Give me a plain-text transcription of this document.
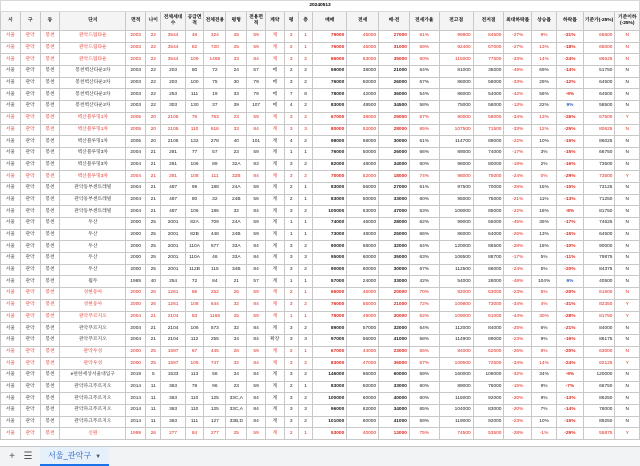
20240513																								
시	구	동	단지	면적	나이	전체세대수	공급면적	전체전용	평형	전용면적	계약	평	층	매매	전세	매-전	전세가율	전고점	전저점	최대하락률	상승률	하락률	기준가(-25%)	기준이하(-25%)
서울	관악	봉천	관악드림타운	2003	22	3544	48	324	25	59	계	2	1	79000	45000	27000	61%	99800	64500	-27%	9%	-31%	66600	N
서울	관악	봉천	관악드림타운	2003	22	3544	82	720	25	59	계	2	1	76000	45000	31000	59%	92400	67000	-27%	13%	-18%	65000	N
서울	관악	봉천	관악드림타운	2003	22	3544	109	1468	33	84	계	3	2	86000	53000	35000	60%	115000	77500	-33%	14%	-24%	86625	N
서울	관악	봉천	봉천벽산타운2차	2003	22	203	80	72	24	57	매	2	2	59000	38000	21000	64%	81000	35000	-49%	69%	-14%	51750	N
서울	관악	봉천	봉천벽산타운2차	2003	22	203	100	75	30	79	매	3	2	76000	50000	26000	67%	86000	58000	-33%	29%	-12%	64500	N
서울	관악	봉천	봉천벽산타운2차	2003	22	253	111	19	33	79	매	7	8	78000	42000	36000	54%	86000	54000	-42%	56%	-9%	64500	N
서울	관악	봉천	봉천벽산타운2차	2003	22	303	130	37	39	107	매	4	2	83000	48500	34500	58%	75000	58000	-13%	22%	9%	58500	N
서울	관악	봉천	벽산블루밍1차	2005	20	2105	76	763	23	59	계	3	2	67000	38000	29000	57%	90000	59000	-34%	13%	-26%	67500	Y
서울	관악	봉천	벽산블루밍1차	2005	20	2105	110	616	33	84	계	3	3	80000	52000	28000	65%	107500	71500	-33%	12%	-25%	80625	N
서울	관악	봉천	벽산블루밍1차	2005	20	2105	132	278	40	101	계	4	2	98000	68000	30000	61%	114700	89000	-22%	10%	-15%	86025	N
서울	관악	봉천	벽산블루밍3차	2004	21	281	77	57	23	59	계	1	1	76000	50000	26000	66%	89000	74000	-17%	3%	-15%	66750	N
서울	관악	봉천	벽산블루밍3차	2004	21	281	106	89	32A	83	계	3	2	82000	48000	34000	60%	98000	80000	-18%	2%	-16%	73500	N
서울	관악	봉천	벽산블루밍3차	2004	21	281	108	111	32B	84	계	3	2	70000	52000	18000	74%	98000	75000	-24%	0%	-29%	73500	Y
서울	관악	봉천	관악동부센트레빌	2004	21	487	99	188	24A	59	계	2	1	83000	56000	27000	61%	97500	70000	-28%	15%	-15%	73125	N
서울	관악	봉천	관악동부센트레빌	2004	21	487	80	32	24B	56	계	2	1	83000	50000	33000	60%	95000	75000	-21%	11%	-13%	71250	N
서울	관악	봉천	관악동부센트레빌	2004	21	487	106	186	32	84	계	3	2	100000	53000	47000	53%	109000	85000	-22%	18%	-8%	81750	N
서울	관악	봉천	두산	2000	25	2001	82A	709	24A	59	계	1	1	74000	46000	28000	62%	99000	55000	-45%	35%	-17%	74625	N
서울	관악	봉천	두산	2000	25	2001	82B	448	24B	59	계	1	1	73000	48000	25000	66%	86000	64000	-26%	13%	-15%	64500	N
서울	관악	봉천	두산	2000	25	2001	110A	577	33A	84	계	3	2	90000	58000	32000	64%	120000	86500	-28%	18%	-10%	90000	N
서울	관악	봉천	두산	2000	25	2001	110A	46	33A	84	계	3	3	95000	60000	35000	63%	106500	88700	-17%	5%	-11%	79875	N
서울	관악	봉천	두산	2000	25	2001	112B	115	34B	84	계	3	2	90000	60000	30000	67%	112500	86000	-24%	5%	-20%	84375	N
서울	관악	봉천	월두	1985	40	254	72	84	21	57	계	1	1	57000	24000	33000	42%	54000	28000	-48%	104%	6%	40500	N
서울	관악	봉천	성현동아	2000	26	1261	86	252	26	59	계	2	1	66000	46000	20000	70%	82000	63000	-23%	5%	-20%	61500	N
서울	관악	봉천	성현동아	2000	26	1261	108	644	32	84	계	3	2	76000	55000	21000	72%	109800	73000	-34%	4%	-31%	82350	Y
서울	관악	봉천	관악푸르지오	2004	21	2104	83	1168	25	59	계	1	1	79000	49000	30000	62%	109000	61000	-44%	30%	-28%	81750	Y
서울	관악	봉천	관악푸르지오	2004	21	2104	106	573	32	84	계	3	2	89000	57000	32000	64%	112000	84000	-25%	6%	-21%	84000	N
서울	관악	봉천	관악푸르지오	2004	21	2104	112	255	34	84	확장	3	3	97000	56000	41000	58%	114900	89000	-23%	9%	-16%	86175	N
서울	관악	봉천	관악우성	2000	25	1597	67	445	26	59	계	2	1	67000	44000	23000	66%	84000	62000	-26%	8%	-20%	63000	N
서울	관악	봉천	관악우성	2000	25	1597	105	747	32	84	계	3	2	83000	47000	36000	57%	109500	72500	-34%	14%	-24%	82125	Y
서울	관악	봉천	e편한세상서울대입구	2019	5	1533	113	56	34	84	계	3	2	146000	86000	60000	59%	160000	109000	-32%	34%	-9%	120000	N
서울	관악	봉천	관악파크푸르지오	2014	11	363	78	96	23	59	계	2	1	83000	50000	33000	60%	89000	76000	-15%	9%	-7%	66750	N
서울	관악	봉천	관악파크푸르지오	2014	11	363	110	125	33C,A	84	계	3	2	100000	60000	40000	60%	115000	92000	-20%	9%	-13%	86250	N
서울	관악	봉천	관악파크푸르지오	2014	11	363	110	125	33C,A	84	계	3	3	96000	62000	34000	65%	104000	83000	-20%	7%	-14%	78000	N
서울	관악	봉천	관악파크푸르지오	2014	11	363	111	127	33B,D	84	계	3	2	101000	60000	41000	59%	119000	92000	-23%	10%	-15%	89250	N
서울	관악	봉천	신원	1999	26	277	84	277	25	59	계	2	1	53000	40000	13000	75%	74500	53500	-28%	-1%	-29%	55875	Y
+ ☰	서울_관악구 ▼
